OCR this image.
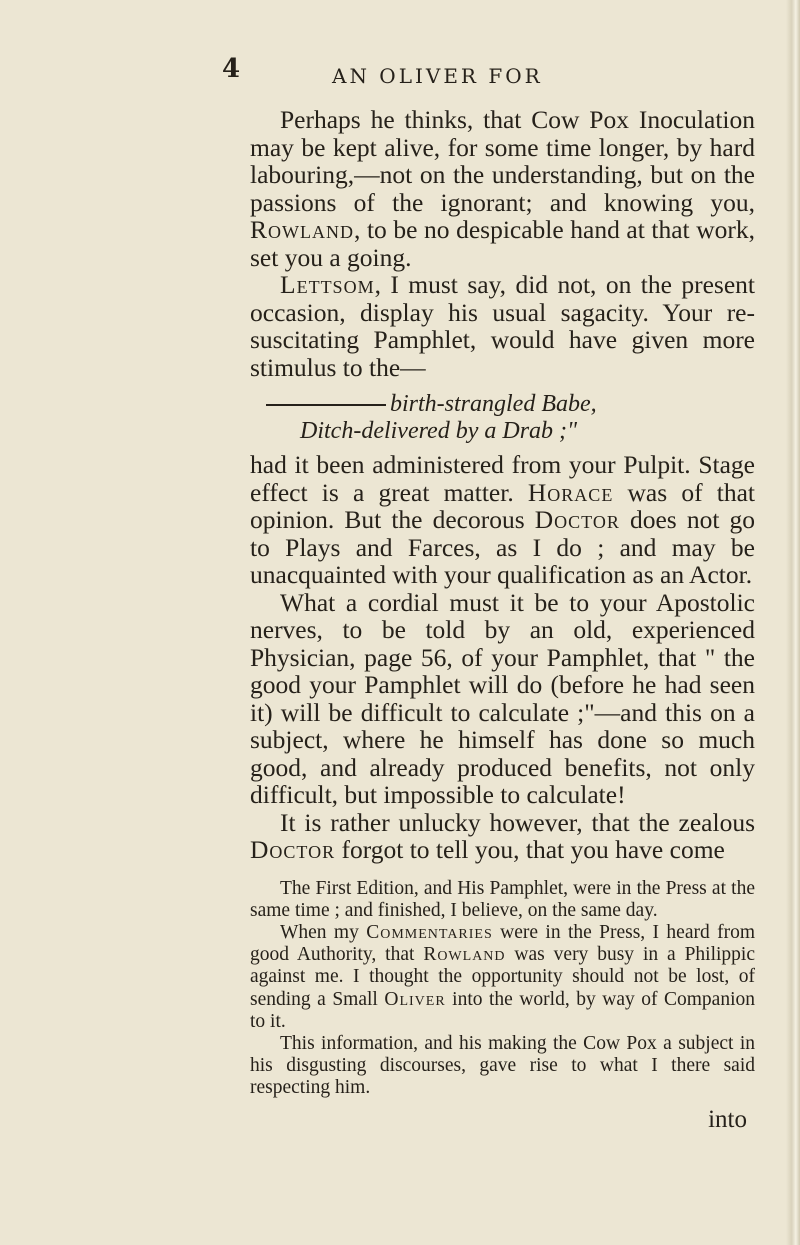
4	AN OLIVER FOR

Perhaps he thinks, that Cow Pox Inoculation may be kept alive, for some time longer, by hard labouring,—not on the understanding, but on the passions of the ignorant; and knowing you, Rowland, to be no despicable hand at that work, set you a going.

Lettsom, I must say, did not, on the present occasion, display his usual sagacity. Your re-suscitating Pamphlet, would have given more stimulus to the—

birth-strangled Babe,
Ditch-delivered by a Drab ;"

had it been administered from your Pulpit. Stage effect is a great matter. Horace was of that opinion. But the decorous Doctor does not go to Plays and Farces, as I do ; and may be unacquainted with your qualification as an Actor.

What a cordial must it be to your Apostolic nerves, to be told by an old, experienced Physician, page 56, of your Pamphlet, that " the good your Pamphlet will do (before he had seen it) will be difficult to calculate ;"—and this on a subject, where he himself has done so much good, and already produced benefits, not only difficult, but impossible to calculate!

It is rather unlucky however, that the zealous Doctor forgot to tell you, that you have come

The First Edition, and His Pamphlet, were in the Press at the same time ; and finished, I believe, on the same day.

When my Commentaries were in the Press, I heard from good Authority, that Rowland was very busy in a Philippic against me. I thought the opportunity should not be lost, of sending a Small Oliver into the world, by way of Companion to it.

This information, and his making the Cow Pox a subject in his disgusting discourses, gave rise to what I there said respecting him.

into
